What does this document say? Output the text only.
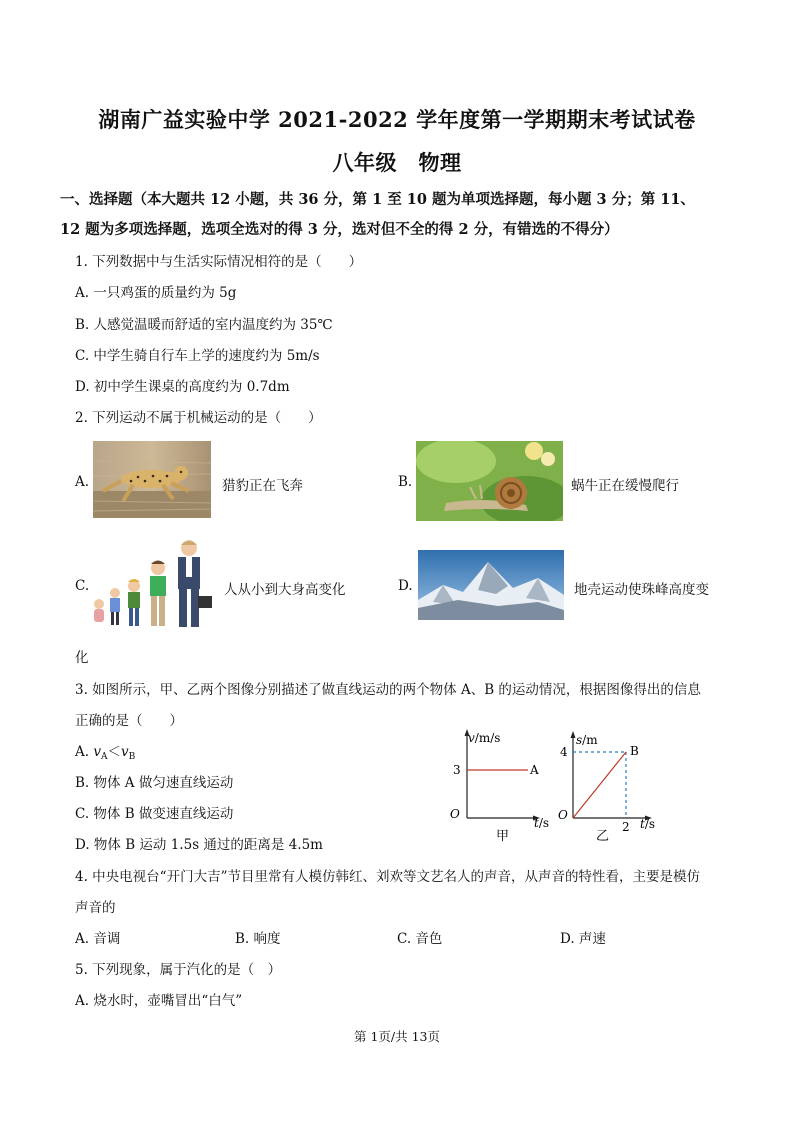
湖南广益实验中学 2021-2022 学年度第一学期期末考试试卷
八年级　物理
一、选择题（本大题共 12 小题，共 36 分，第 1 至 10 题为单项选择题，每小题 3 分；第 11、
12 题为多项选择题，选项全选对的得 3 分，选对但不全的得 2 分，有错选的不得分）
1. 下列数据中与生活实际情况相符的是（　　）
A. 一只鸡蛋的质量约为 5g
B. 人感觉温暖而舒适的室内温度约为 35℃
C. 中学生骑自行车上学的速度约为 5m/s
D. 初中学生课桌的高度约为 0.7dm
2. 下列运动不属于机械运动的是（　　）
A.	猎豹正在飞奔	B.	蜗牛正在缓慢爬行
C.	人从小到大身高变化	D.	地壳运动使珠峰高度变
化
3. 如图所示，甲、乙两个图像分别描述了做直线运动的两个物体 A、B 的运动情况，根据图像得出的信息
正确的是（　　）
A. $v_A<v_B$
B. 物体 A 做匀速直线运动
C. 物体 B 做变速直线运动
D. 物体 B 运动 1.5s 通过的距离是 4.5m
v/m/s
3	A
O
t/s
甲
s/m
4	B
O
2 t/s
乙
4. 中央电视台“开门大吉”节目里常有人模仿韩红、刘欢等文艺名人的声音，从声音的特性看，主要是模仿
声音的
A. 音调	B. 响度	C. 音色	D. 声速
5. 下列现象，属于汽化的是（　）
A. 烧水时，壶嘴冒出“白气”
第 1页/共 13页
